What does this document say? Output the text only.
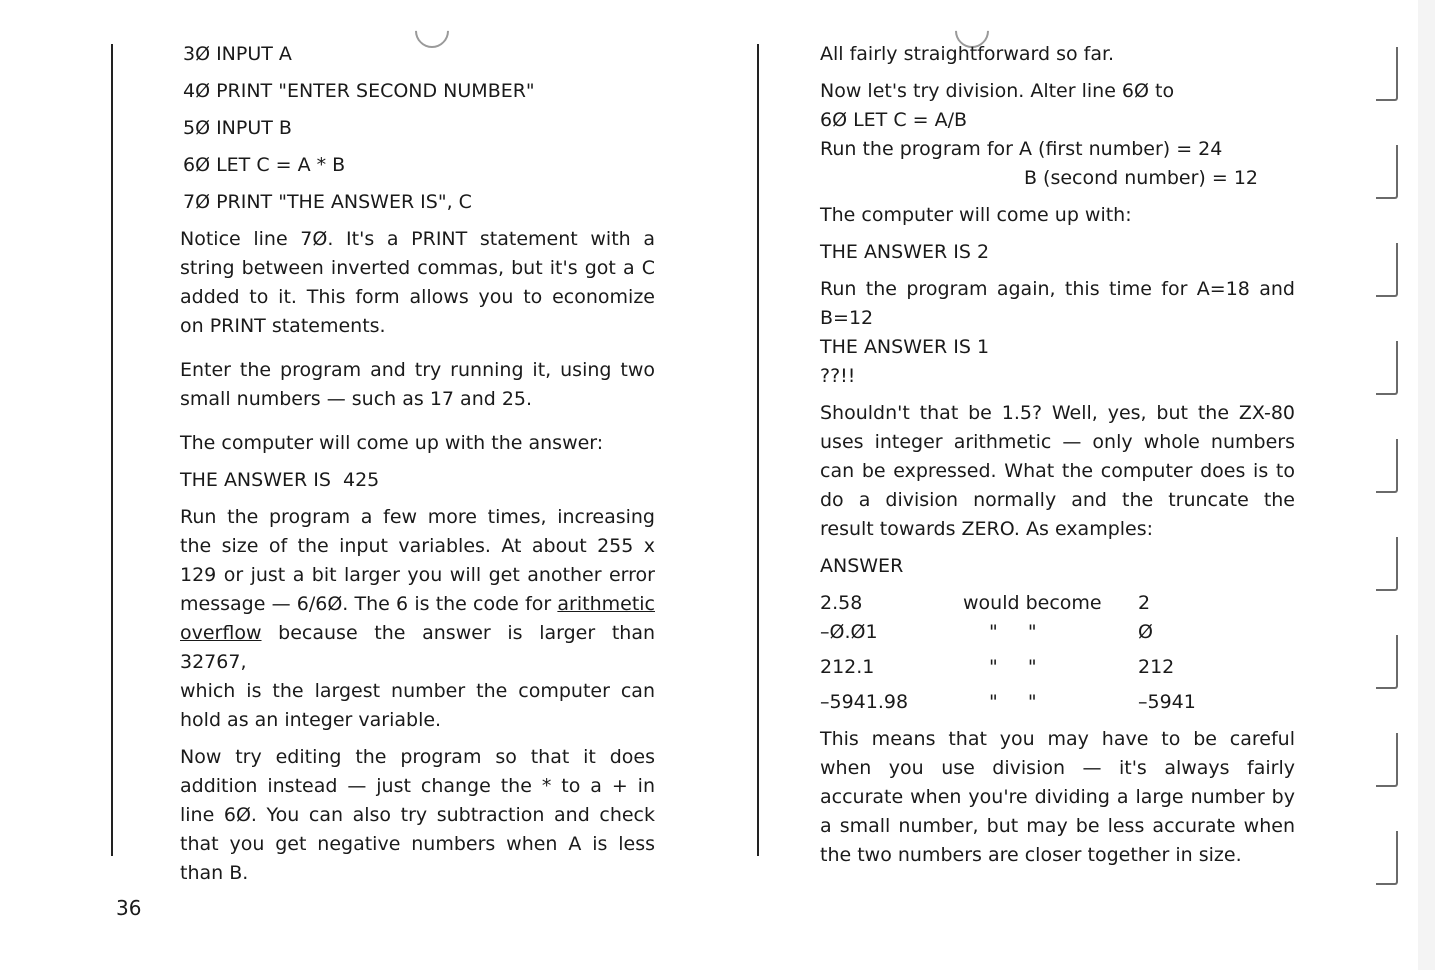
3Ø INPUT A

4Ø PRINT "ENTER SECOND NUMBER"

5Ø INPUT B

6Ø LET C = A * B

7Ø PRINT "THE ANSWER IS", C

Notice line 7Ø. It's a PRINT statement with a

string between inverted commas, but it's got a C

added to it. This form allows you to economize

on PRINT statements.

Enter the program and try running it, using two

small numbers — such as 17 and 25.

The computer will come up with the answer:

THE ANSWER IS  425

Run the program a few more times, increasing

the size of the input variables. At about 255 x

129 or just a bit larger you will get another error

message — 6/6Ø. The 6 is the code for arithmetic

overflow because the answer is larger than 32767,

which is the largest number the computer can

hold as an integer variable.

Now try editing the program so that it does

addition instead — just change the * to a + in

line 6Ø. You can also try subtraction and check

that you get negative numbers when A is less

than B.

36

All fairly straightforward so far.

Now let's try division. Alter line 6Ø to

6Ø LET C = A/B

Run the program for A (first number) = 24

B (second number) = 12

The computer will come up with:

THE ANSWER IS 2

Run the program again, this time for A=18 and

B=12

THE ANSWER IS 1

??!!

Shouldn't that be 1.5? Well, yes, but the ZX-80

uses integer arithmetic — only whole numbers

can be expressed. What the computer does is to

do a division normally and the truncate the

result towards ZERO. As examples:

ANSWER

2.58	would become	2
–Ø.Ø1	"     "	Ø
212.1	"     "	212
–5941.98	"     "	–5941

This means that you may have to be careful

when you use division — it's always fairly

accurate when you're dividing a large number by

a small number, but may be less accurate when

the two numbers are closer together in size.
